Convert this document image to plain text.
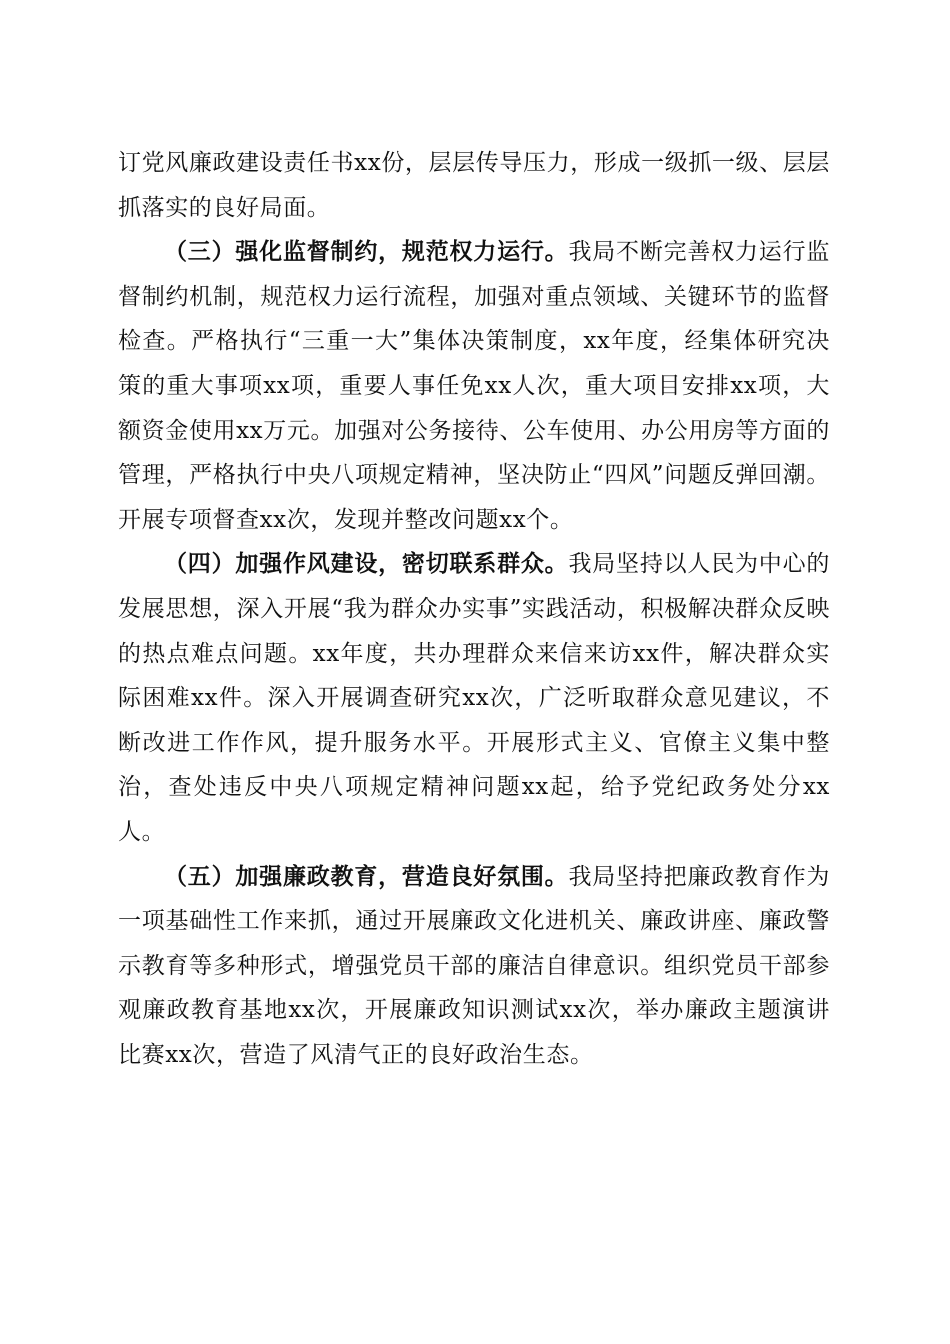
订党风廉政建设责任书xx份，层层传导压力，形成一级抓一级、层层抓落实的良好局面。

（三）强化监督制约，规范权力运行。我局不断完善权力运行监督制约机制，规范权力运行流程，加强对重点领域、关键环节的监督检查。严格执行“三重一大”集体决策制度，xx年度，经集体研究决策的重大事项xx项，重要人事任免xx人次，重大项目安排xx项，大额资金使用xx万元。加强对公务接待、公车使用、办公用房等方面的管理，严格执行中央八项规定精神，坚决防止“四风”问题反弹回潮。开展专项督查xx次，发现并整改问题xx个。

（四）加强作风建设，密切联系群众。我局坚持以人民为中心的发展思想，深入开展“我为群众办实事”实践活动，积极解决群众反映的热点难点问题。xx年度，共办理群众来信来访xx件，解决群众实际困难xx件。深入开展调查研究xx次，广泛听取群众意见建议，不断改进工作作风，提升服务水平。开展形式主义、官僚主义集中整治，查处违反中央八项规定精神问题xx起，给予党纪政务处分xx人。

（五）加强廉政教育，营造良好氛围。我局坚持把廉政教育作为一项基础性工作来抓，通过开展廉政文化进机关、廉政讲座、廉政警示教育等多种形式，增强党员干部的廉洁自律意识。组织党员干部参观廉政教育基地xx次，开展廉政知识测试xx次，举办廉政主题演讲比赛xx次，营造了风清气正的良好政治生态。
